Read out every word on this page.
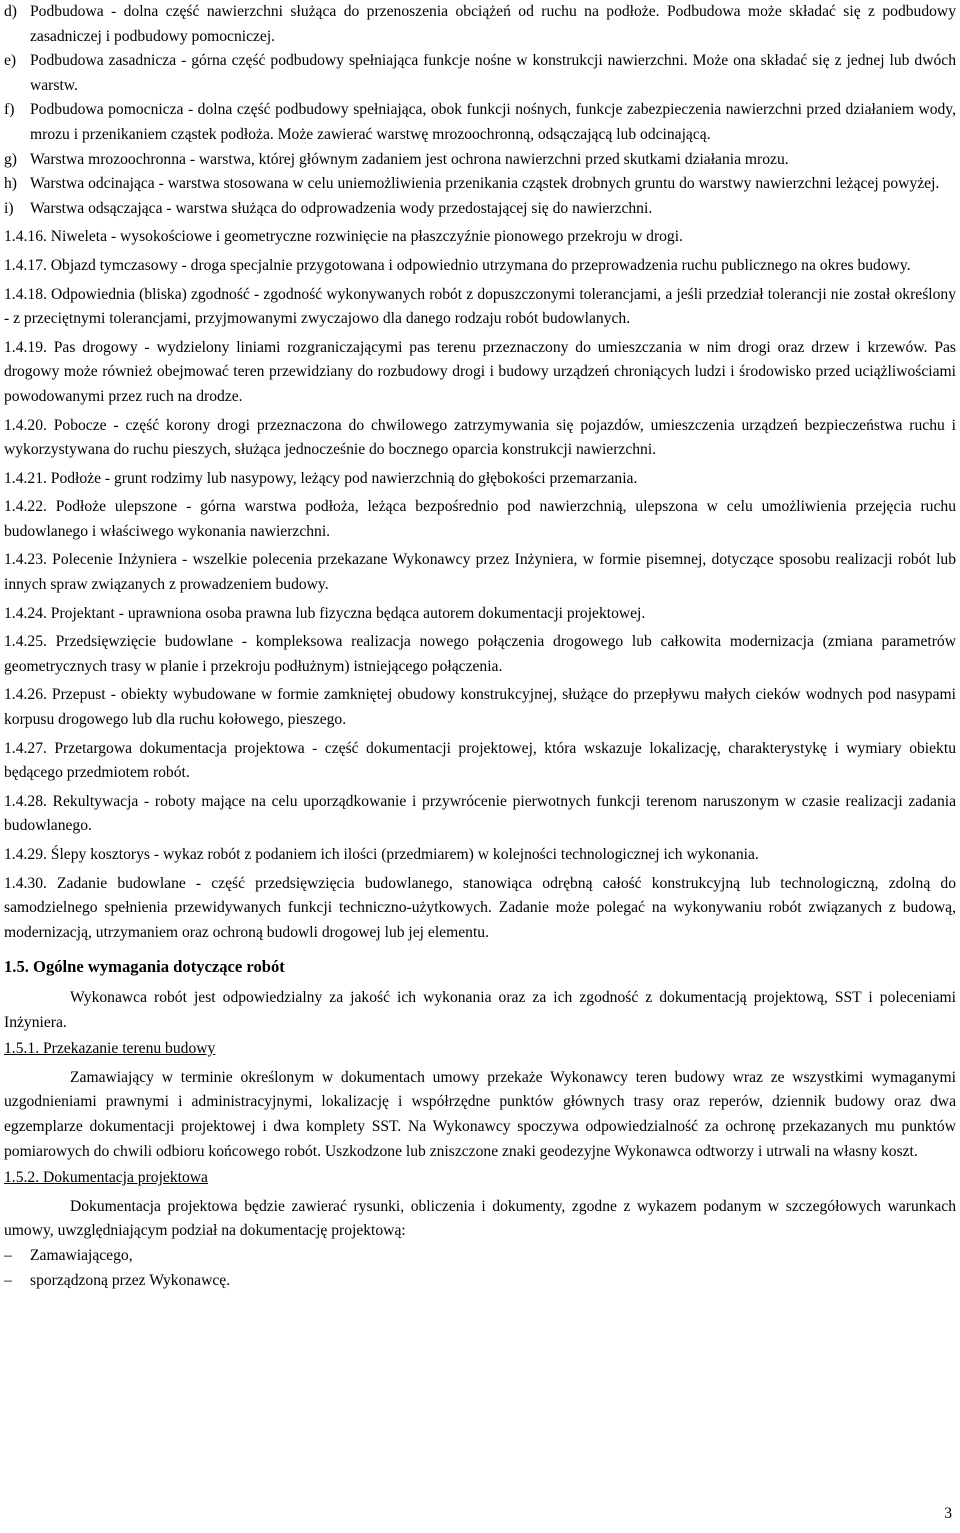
d) Podbudowa - dolna część nawierzchni służąca do przenoszenia obciążeń od ruchu na podłoże. Podbudowa może składać się z podbudowy zasadniczej i podbudowy pomocniczej.
e) Podbudowa zasadnicza - górna część podbudowy spełniająca funkcje nośne w konstrukcji nawierzchni. Może ona składać się z jednej lub dwóch warstw.
f)	Podbudowa pomocnicza - dolna część podbudowy spełniająca, obok funkcji nośnych, funkcje zabezpieczenia nawierzchni przed działaniem wody, mrozu i przenikaniem cząstek podłoża. Może zawierać warstwę mrozoochronną, odsączającą lub odcinającą.
g) Warstwa mrozoochronna - warstwa, której głównym zadaniem jest ochrona nawierzchni przed skutkami działania mrozu.
h) Warstwa odcinająca - warstwa stosowana w celu uniemożliwienia przenikania cząstek drobnych gruntu do warstwy nawierzchni leżącej powyżej.
i)	Warstwa odsączająca - warstwa służąca do odprowadzenia wody przedostającej się do nawierzchni.

1.4.16. Niweleta - wysokościowe i geometryczne rozwinięcie na płaszczyźnie pionowego przekroju w drogi.

1.4.17. Objazd tymczasowy - droga specjalnie przygotowana i odpowiednio utrzymana do przeprowadzenia ruchu publicznego na okres budowy.

1.4.18. Odpowiednia (bliska) zgodność - zgodność wykonywanych robót z dopuszczonymi tolerancjami, a jeśli przedział tolerancji nie został określony - z przeciętnymi tolerancjami, przyjmowanymi zwyczajowo dla danego rodzaju robót budowlanych.

1.4.19. Pas drogowy - wydzielony liniami rozgraniczającymi pas terenu przeznaczony do umieszczania w nim drogi oraz drzew i krzewów. Pas drogowy może również obejmować teren przewidziany do rozbudowy drogi i budowy urządzeń chroniących ludzi i środowisko przed uciążliwościami powodowanymi przez ruch na drodze.

1.4.20. Pobocze - część korony drogi przeznaczona do chwilowego zatrzymywania się pojazdów, umieszczenia urządzeń bezpieczeństwa ruchu i wykorzystywana do ruchu pieszych, służąca jednocześnie do bocznego oparcia konstrukcji nawierzchni.

1.4.21. Podłoże - grunt rodzimy lub nasypowy, leżący pod nawierzchnią do głębokości przemarzania.

1.4.22. Podłoże ulepszone - górna warstwa podłoża, leżąca bezpośrednio pod nawierzchnią, ulepszona w celu umożliwienia przejęcia ruchu budowlanego i właściwego wykonania nawierzchni.

1.4.23. Polecenie Inżyniera - wszelkie polecenia przekazane Wykonawcy przez Inżyniera, w formie pisemnej, dotyczące sposobu realizacji robót lub innych spraw związanych z prowadzeniem budowy.

1.4.24. Projektant - uprawniona osoba prawna lub fizyczna będąca autorem dokumentacji projektowej.

1.4.25. Przedsięwzięcie budowlane - kompleksowa realizacja nowego połączenia drogowego lub całkowita modernizacja (zmiana parametrów geometrycznych trasy w planie i przekroju podłużnym) istniejącego połączenia.

1.4.26. Przepust - obiekty wybudowane w formie zamkniętej obudowy konstrukcyjnej, służące do przepływu małych cieków wodnych pod nasypami korpusu drogowego lub dla ruchu kołowego, pieszego.

1.4.27. Przetargowa dokumentacja projektowa - część dokumentacji projektowej, która wskazuje lokalizację, charakterystykę i wymiary obiektu będącego przedmiotem robót.

1.4.28. Rekultywacja - roboty mające na celu uporządkowanie i przywrócenie pierwotnych funkcji terenom naruszonym w czasie realizacji zadania budowlanego.

1.4.29. Ślepy kosztorys - wykaz robót z podaniem ich ilości (przedmiarem) w kolejności technologicznej ich wykonania.

1.4.30. Zadanie budowlane - część przedsięwzięcia budowlanego, stanowiąca odrębną całość konstrukcyjną lub technologiczną, zdolną do samodzielnego spełnienia przewidywanych funkcji techniczno-użytkowych. Zadanie może polegać na wykonywaniu robót związanych z budową, modernizacją, utrzymaniem oraz ochroną budowli drogowej lub jej elementu.

1.5. Ogólne wymagania dotyczące robót

Wykonawca robót jest odpowiedzialny za jakość ich wykonania oraz za ich zgodność z dokumentacją projektową, SST i poleceniami Inżyniera.

1.5.1. Przekazanie terenu budowy

Zamawiający w terminie określonym w dokumentach umowy przekaże Wykonawcy teren budowy wraz ze wszystkimi wymaganymi uzgodnieniami prawnymi i administracyjnymi, lokalizację i współrzędne punktów głównych trasy oraz reperów, dziennik budowy oraz dwa egzemplarze dokumentacji projektowej i dwa komplety SST. Na Wykonawcy spoczywa odpowiedzialność za ochronę przekazanych mu punktów pomiarowych do chwili odbioru końcowego robót. Uszkodzone lub zniszczone znaki geodezyjne Wykonawca odtworzy i utrwali na własny koszt.

1.5.2. Dokumentacja projektowa

Dokumentacja projektowa będzie zawierać rysunki, obliczenia i dokumenty, zgodne z wykazem podanym w szczegółowych warunkach umowy, uwzględniającym podział na dokumentację projektową:

–	Zamawiającego,
–	sporządzoną przez Wykonawcę.
3
